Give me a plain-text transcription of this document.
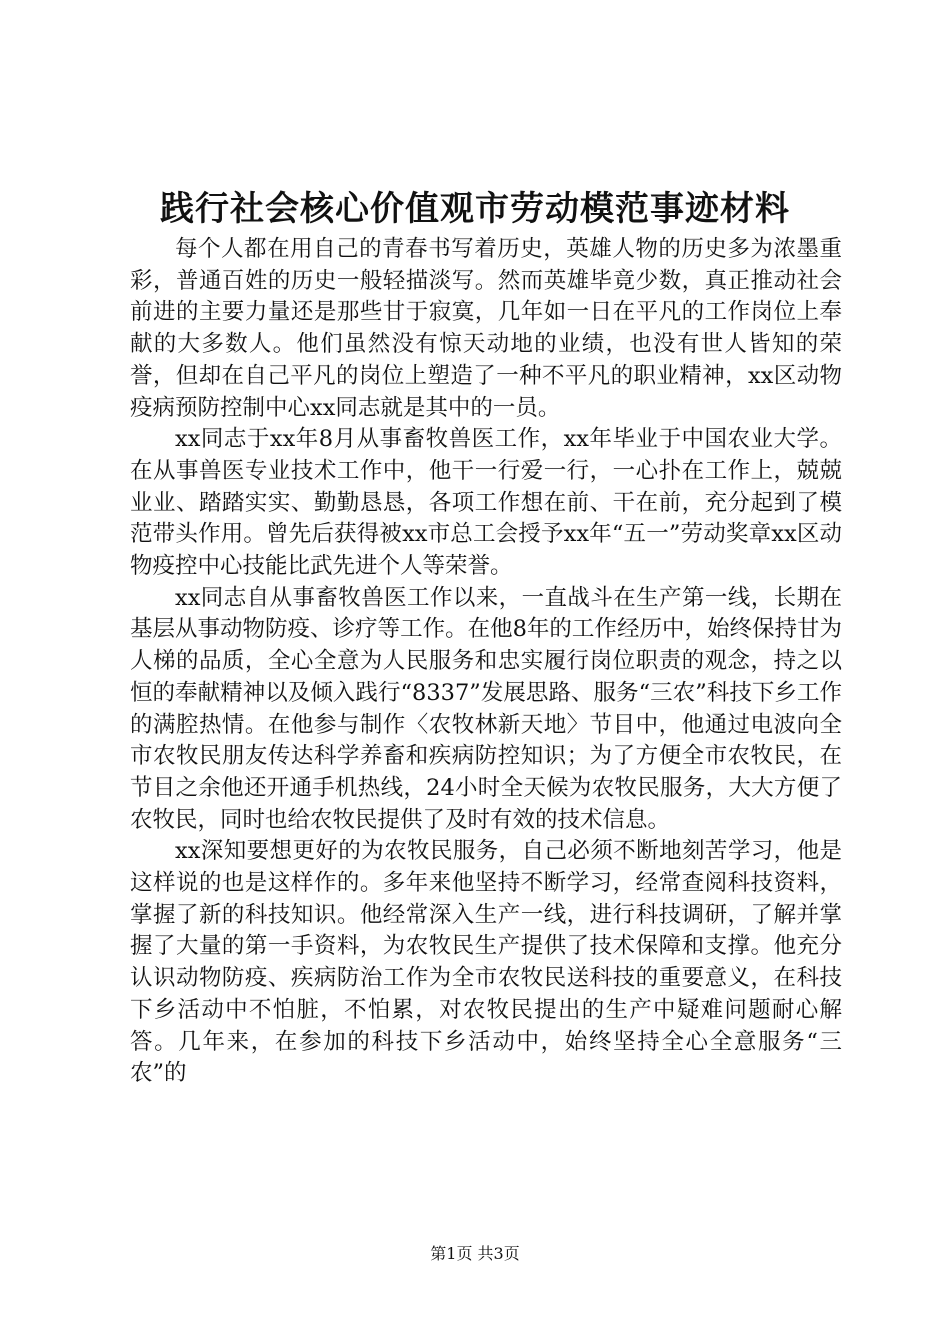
践行社会核心价值观市劳动模范事迹材料

每个人都在用自己的青春书写着历史，英雄人物的历史多为浓墨重彩，普通百姓的历史一般轻描淡写。然而英雄毕竟少数，真正推动社会前进的主要力量还是那些甘于寂寞，几年如一日在平凡的工作岗位上奉献的大多数人。他们虽然没有惊天动地的业绩，也没有世人皆知的荣誉，但却在自己平凡的岗位上塑造了一种不平凡的职业精神，xx区动物疫病预防控制中心xx同志就是其中的一员。

xx同志于xx年8月从事畜牧兽医工作，xx年毕业于中国农业大学。在从事兽医专业技术工作中，他干一行爱一行，一心扑在工作上，兢兢业业、踏踏实实、勤勤恳恳，各项工作想在前、干在前，充分起到了模范带头作用。曾先后获得被xx市总工会授予xx年“五一”劳动奖章xx区动物疫控中心技能比武先进个人等荣誉。

xx同志自从事畜牧兽医工作以来，一直战斗在生产第一线，长期在基层从事动物防疫、诊疗等工作。在他8年的工作经历中，始终保持甘为人梯的品质，全心全意为人民服务和忠实履行岗位职责的观念，持之以恒的奉献精神以及倾入践行“8337”发展思路、服务“三农”科技下乡工作的满腔热情。在他参与制作〈农牧林新天地〉节目中，他通过电波向全市农牧民朋友传达科学养畜和疾病防控知识；为了方便全市农牧民，在节目之余他还开通手机热线，24小时全天候为农牧民服务，大大方便了农牧民，同时也给农牧民提供了及时有效的技术信息。

xx深知要想更好的为农牧民服务，自己必须不断地刻苦学习，他是这样说的也是这样作的。多年来他坚持不断学习，经常查阅科技资料，掌握了新的科技知识。他经常深入生产一线，进行科技调研，了解并掌握了大量的第一手资料，为农牧民生产提供了技术保障和支撑。他充分认识动物防疫、疾病防治工作为全市农牧民送科技的重要意义，在科技下乡活动中不怕脏，不怕累，对农牧民提出的生产中疑难问题耐心解答。几年来，在参加的科技下乡活动中，始终坚持全心全意服务“三农”的

第1页 共3页
